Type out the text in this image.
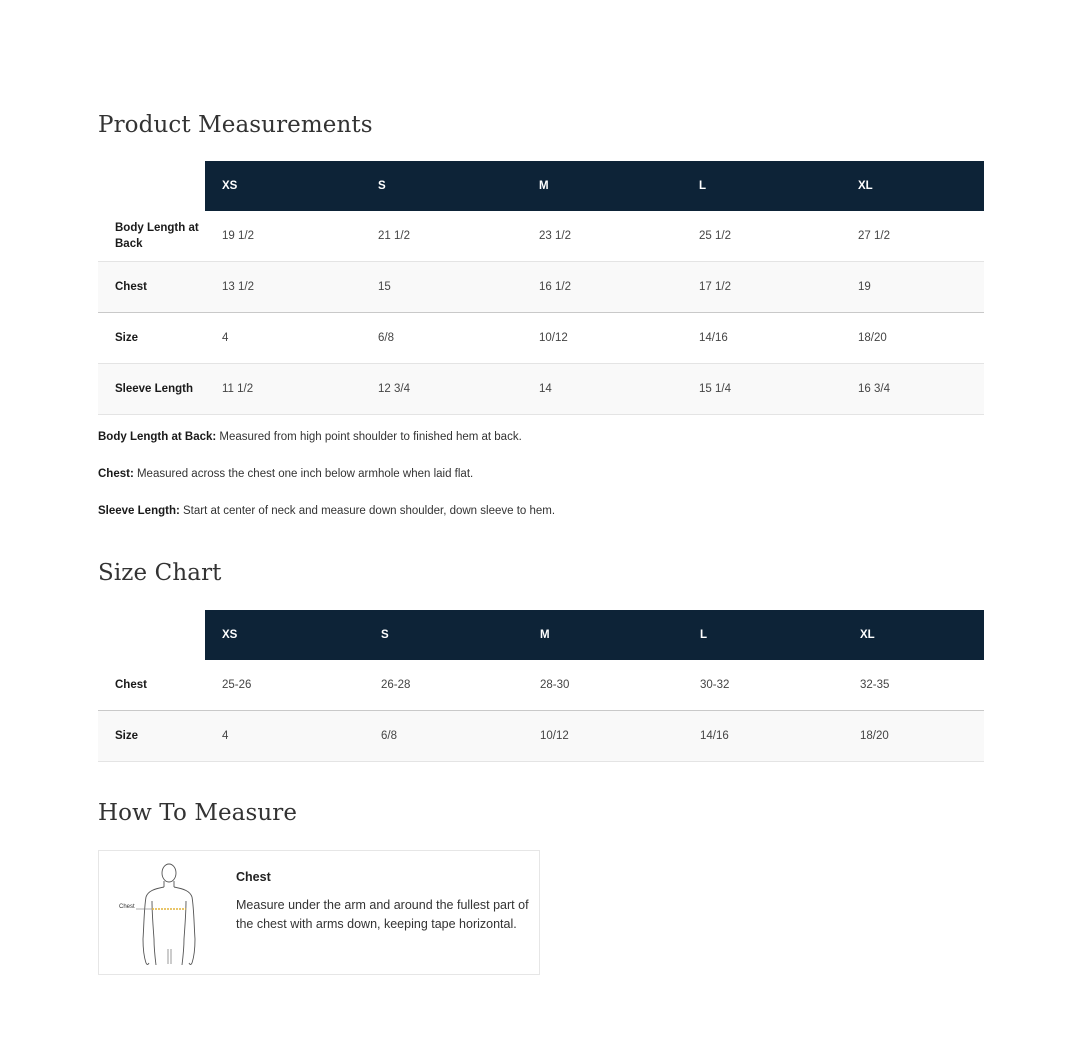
Product Measurements
	XS	S	M	L	XL
Body Length at Back	19 1/2	21 1/2	23 1/2	25 1/2	27 1/2
Chest	13 1/2	15	16 1/2	17 1/2	19
Size	4	6/8	10/12	14/16	18/20
Sleeve Length	11 1/2	12 3/4	14	15 1/4	16 3/4

Body Length at Back: Measured from high point shoulder to finished hem at back.

Chest: Measured across the chest one inch below armhole when laid flat.

Sleeve Length: Start at center of neck and measure down shoulder, down sleeve to hem.

Size Chart
	XS	S	M	L	XL
Chest	25-26	26-28	28-30	30-32	32-35
Size	4	6/8	10/12	14/16	18/20
How To Measure
Chest

Chest

Measure under the arm and around the fullest part of the chest with arms down, keeping tape horizontal.
